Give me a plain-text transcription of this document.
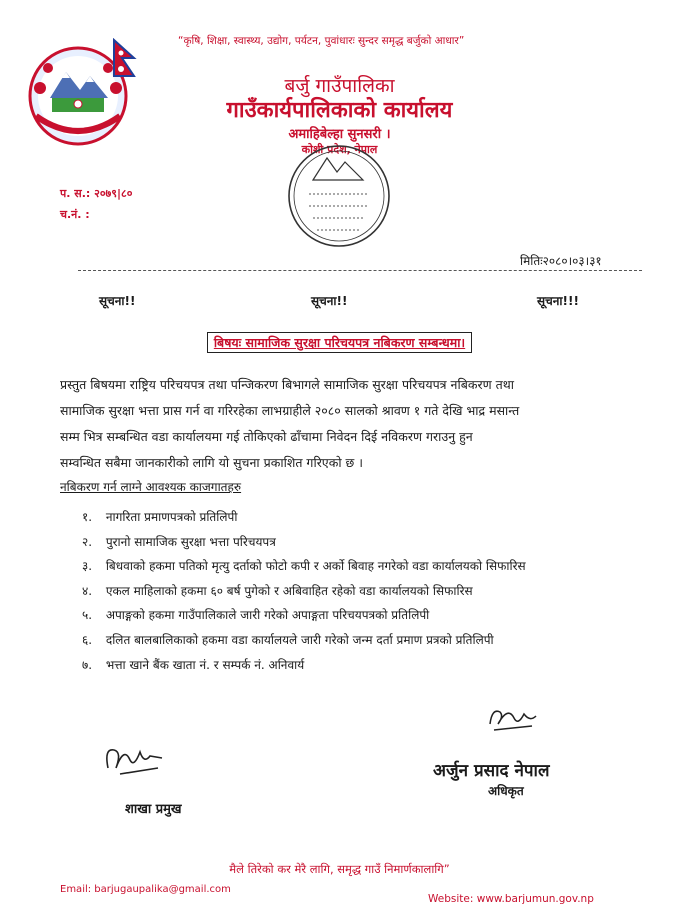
“कृषि, शिक्षा, स्वास्थ्य, उद्योग, पर्यटन, पुवांधारः सुन्दर समृद्ध बर्जुको आधार”
बर्जु गाउँपालिका
गाउँकार्यपालिकाको कार्यालय
अमाहिबेल्हा सुनसरी ।
कोशी प्रदेश, नेपाल
प. स.: २०७९|८०
च.नं. :
मितिः२०८०।०३।३१
सूचना!!	सूचना!!	सूचना!!!
बिषयः सामाजिक सुरक्षा परिचयपत्र नबिकरण सम्बन्धमा।
प्रस्तुत बिषयमा राष्ट्रिय परिचयपत्र तथा पन्जिकरण बिभागले सामाजिक सुरक्षा परिचयपत्र नबिकरण तथा
सामाजिक सुरक्षा भत्ता प्रास गर्न वा गरिरहेका लाभग्राहीले २०८० सालको श्रावण १ गते देखि भाद्र मसान्त
सम्म भित्र सम्बन्धित वडा कार्यालयमा गई तोकिएको ढाँचामा निवेदन दिई नविकरण गराउनु हुन
सम्वन्धित सबैमा जानकारीको लागि यो सुचना प्रकाशित गरिएको छ ।
नबिकरण गर्न लाग्ने आवश्यक काजगातहरु
१. नागरिता प्रमाणपत्रको प्रतिलिपी
२. पुरानो सामाजिक सुरक्षा भत्ता परिचयपत्र
३. बिधवाको हकमा पतिको मृत्यु दर्ताको फोटो कपी र अर्को बिवाह नगरेको वडा कार्यालयको सिफारिस
४. एकल माहिलाको हकमा ६० बर्ष पुगेको र अबिवाहित रहेको वडा कार्यालयको सिफारिस
५. अपाङ्गको हकमा गाउँपालिकाले जारी गरेको अपाङ्गता परिचयपत्रको प्रतिलिपी
६. दलित बालबालिकाको हकमा वडा कार्यालयले जारी गरेको जन्म दर्ता प्रमाण प्रत्रको प्रतिलिपी
७. भत्ता खाने बैंक खाता नं. र सम्पर्क नं. अनिवार्य
अर्जुन प्रसाद नेपाल
अधिकृत
शाखा प्रमुख
मैले तिरेको कर मेरै लागि, समृद्ध गाउँ निमार्णकालागि”
Email: barjugaupalika@gmail.com
Website: www.barjumun.gov.np
